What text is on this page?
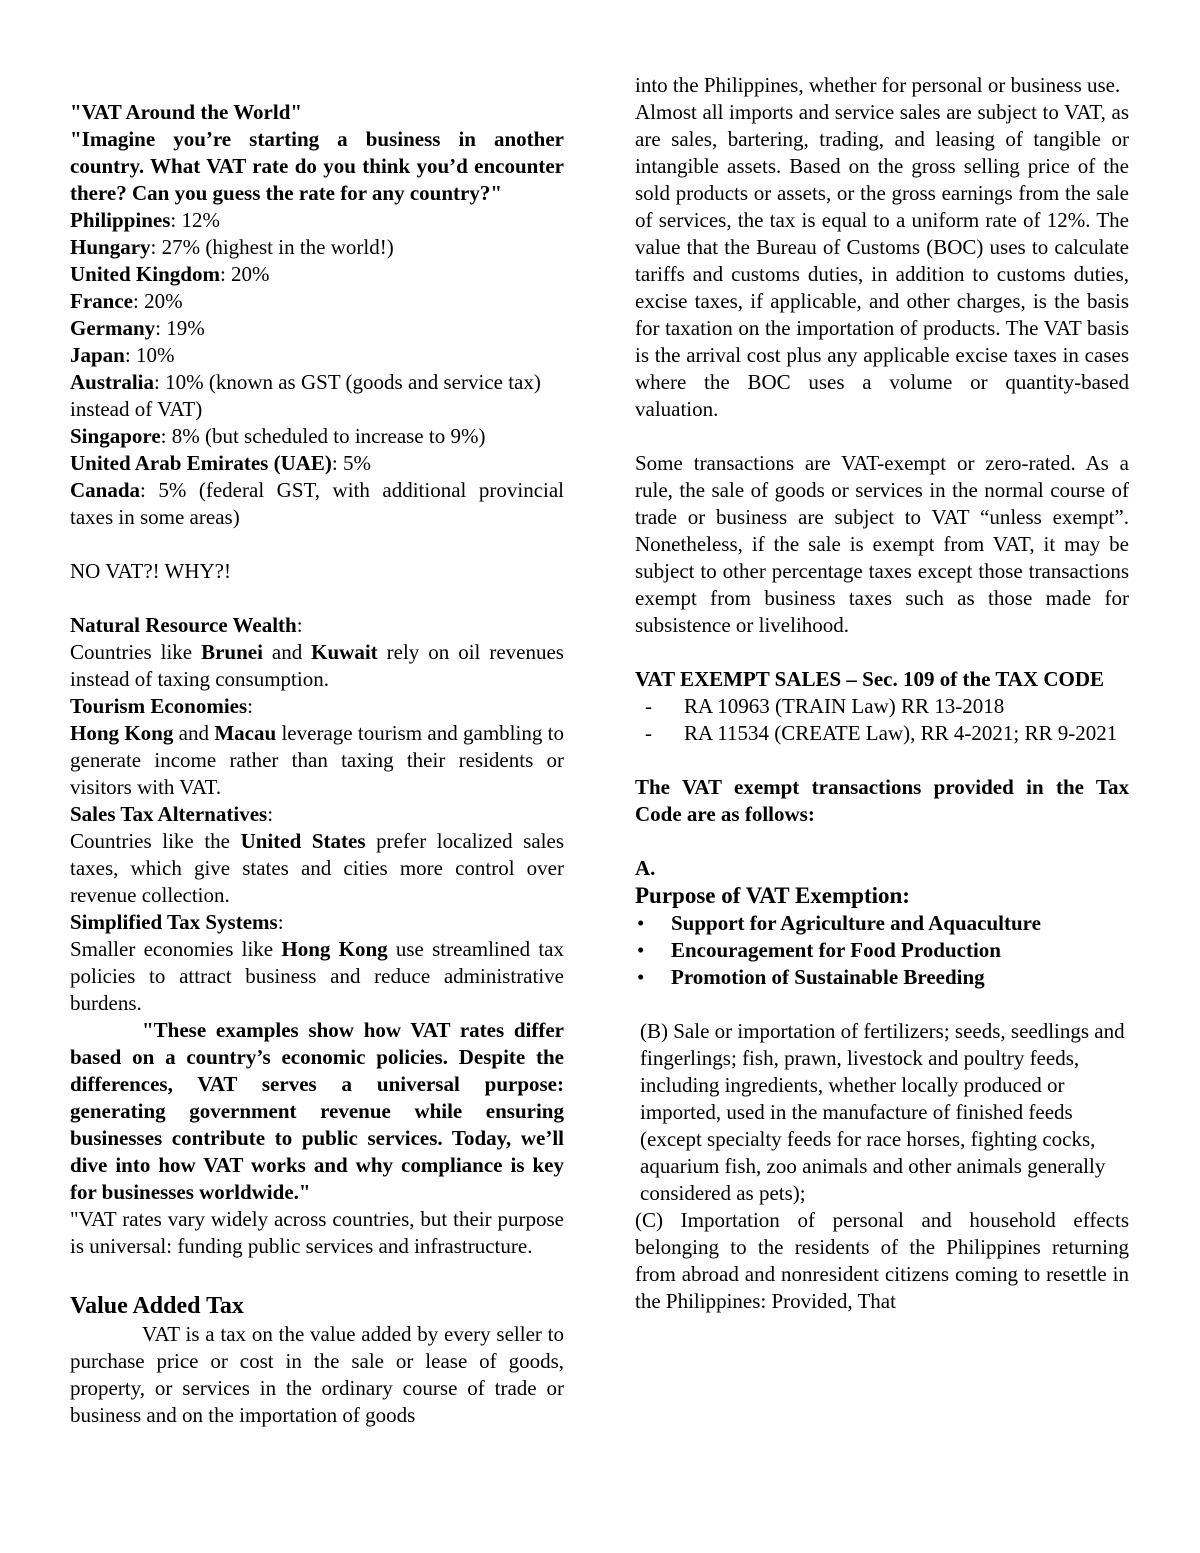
"VAT Around the World"

"Imagine you’re starting a business in another country. What VAT rate do you think you’d encounter there? Can you guess the rate for any country?"

Philippines: 12%

Hungary: 27% (highest in the world!)

United Kingdom: 20%

France: 20%

Germany: 19%

Japan: 10%

Australia: 10% (known as GST (goods and service tax) instead of VAT)

Singapore: 8% (but scheduled to increase to 9%)

United Arab Emirates (UAE): 5%

Canada: 5% (federal GST, with additional provincial taxes in some areas)

NO VAT?! WHY?!

Natural Resource Wealth:

Countries like Brunei and Kuwait rely on oil revenues instead of taxing consumption.

Tourism Economies:

Hong Kong and Macau leverage tourism and gambling to generate income rather than taxing their residents or visitors with VAT.

Sales Tax Alternatives:

Countries like the United States prefer localized sales taxes, which give states and cities more control over revenue collection.

Simplified Tax Systems:

Smaller economies like Hong Kong use streamlined tax policies to attract business and reduce administrative burdens.

"These examples show how VAT rates differ based on a country’s economic policies. Despite the differences, VAT serves a universal purpose: generating government revenue while ensuring businesses contribute to public services. Today, we’ll dive into how VAT works and why compliance is key for businesses worldwide."

"VAT rates vary widely across countries, but their purpose is universal: funding public services and infrastructure.

Value Added Tax

VAT is a tax on the value added by every seller to purchase price or cost in the sale or lease of goods, property, or services in the ordinary course of trade or business and on the importation of goods

into the Philippines, whether for personal or business use.

Almost all imports and service sales are subject to VAT, as are sales, bartering, trading, and leasing of tangible or intangible assets. Based on the gross selling price of the sold products or assets, or the gross earnings from the sale of services, the tax is equal to a uniform rate of 12%. The value that the Bureau of Customs (BOC) uses to calculate tariffs and customs duties, in addition to customs duties, excise taxes, if applicable, and other charges, is the basis for taxation on the importation of products. The VAT basis is the arrival cost plus any applicable excise taxes in cases where the BOC uses a volume or quantity-based valuation.

Some transactions are VAT-exempt or zero-rated. As a rule, the sale of goods or services in the normal course of trade or business are subject to VAT “unless exempt”. Nonetheless, if the sale is exempt from VAT, it may be subject to other percentage taxes except those transactions exempt from business taxes such as those made for subsistence or livelihood.

VAT EXEMPT SALES – Sec. 109 of the TAX CODE

- RA 10963 (TRAIN Law) RR 13-2018
- RA 11534 (CREATE Law), RR 4-2021; RR 9-2021

The VAT exempt transactions provided in the Tax Code are as follows:

A.

Purpose of VAT Exemption:

• Support for Agriculture and Aquaculture
• Encouragement for Food Production
• Promotion of Sustainable Breeding

(B) Sale or importation of fertilizers; seeds, seedlings and fingerlings; fish, prawn, livestock and poultry feeds, including ingredients, whether locally produced or imported, used in the manufacture of finished feeds (except specialty feeds for race horses, fighting cocks, aquarium fish, zoo animals and other animals generally considered as pets);

(C) Importation of personal and household effects belonging to the residents of the Philippines returning from abroad and nonresident citizens coming to resettle in the Philippines: Provided, That
